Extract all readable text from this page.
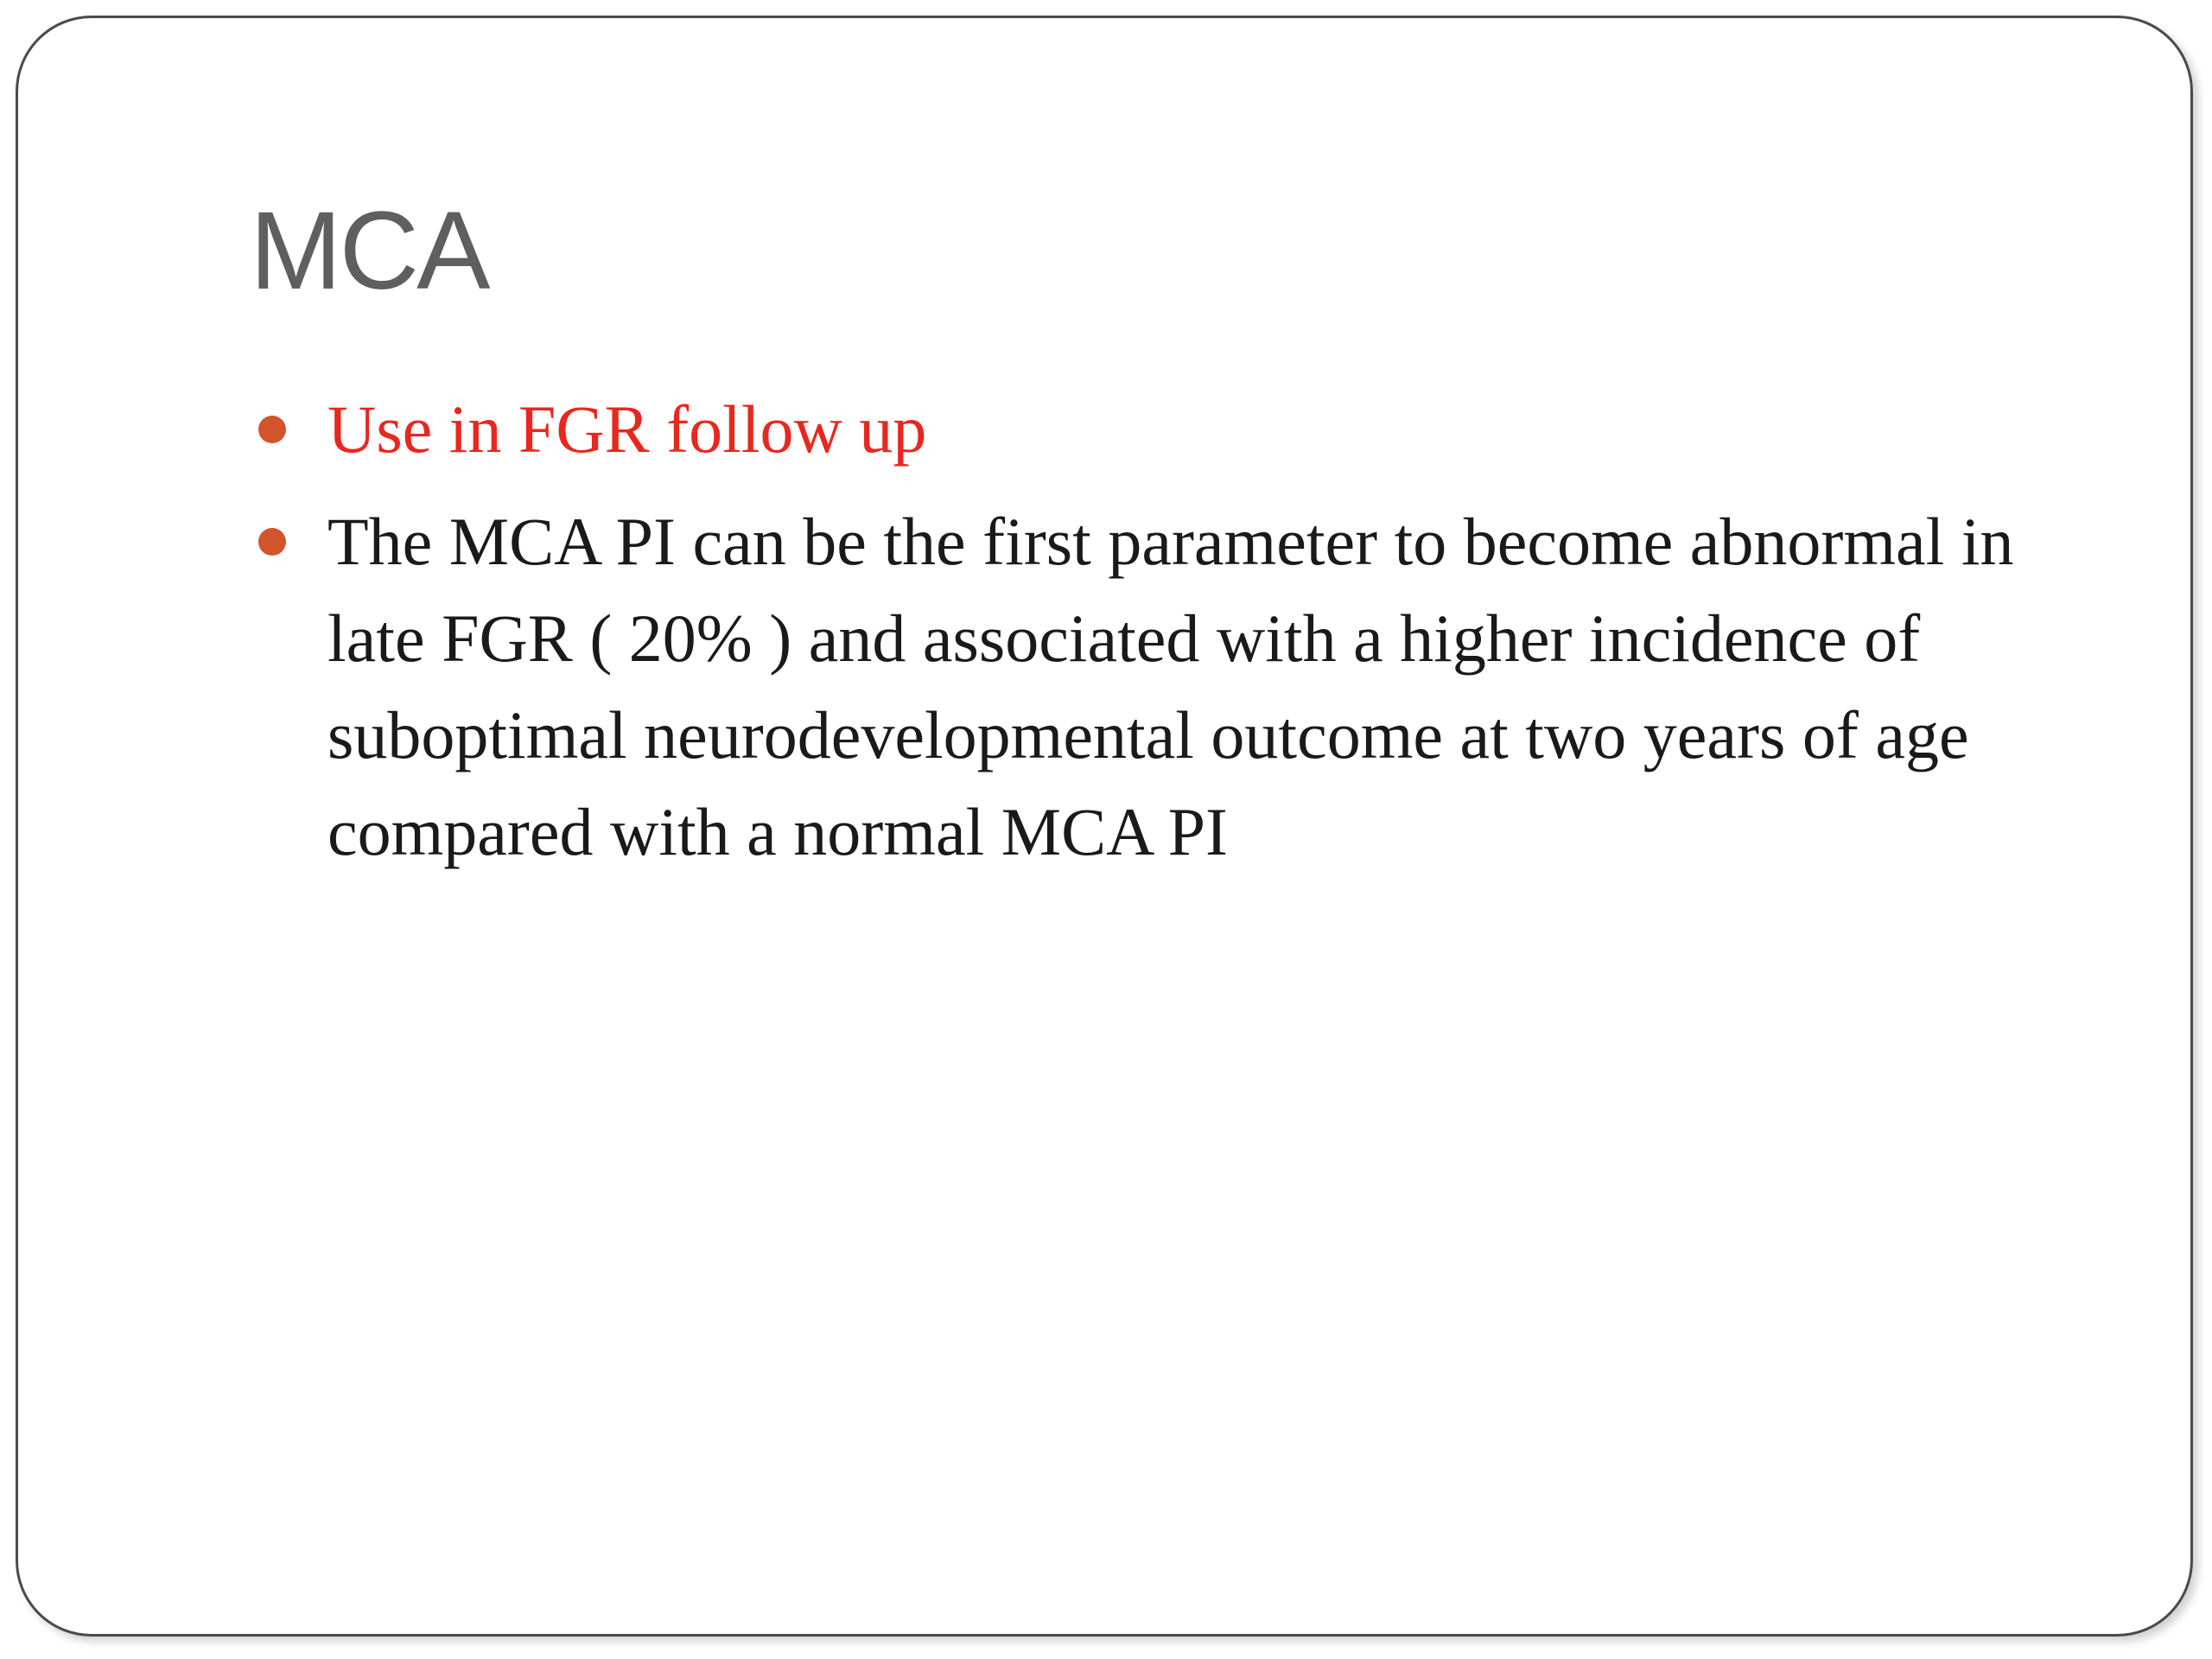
MCA
Use in FGR follow up
The MCA PI can be the first parameter to become abnormal in late FGR ( 20% ) and associated with a higher incidence of suboptimal neurodevelopmental outcome at two years of age compared with a normal MCA PI
